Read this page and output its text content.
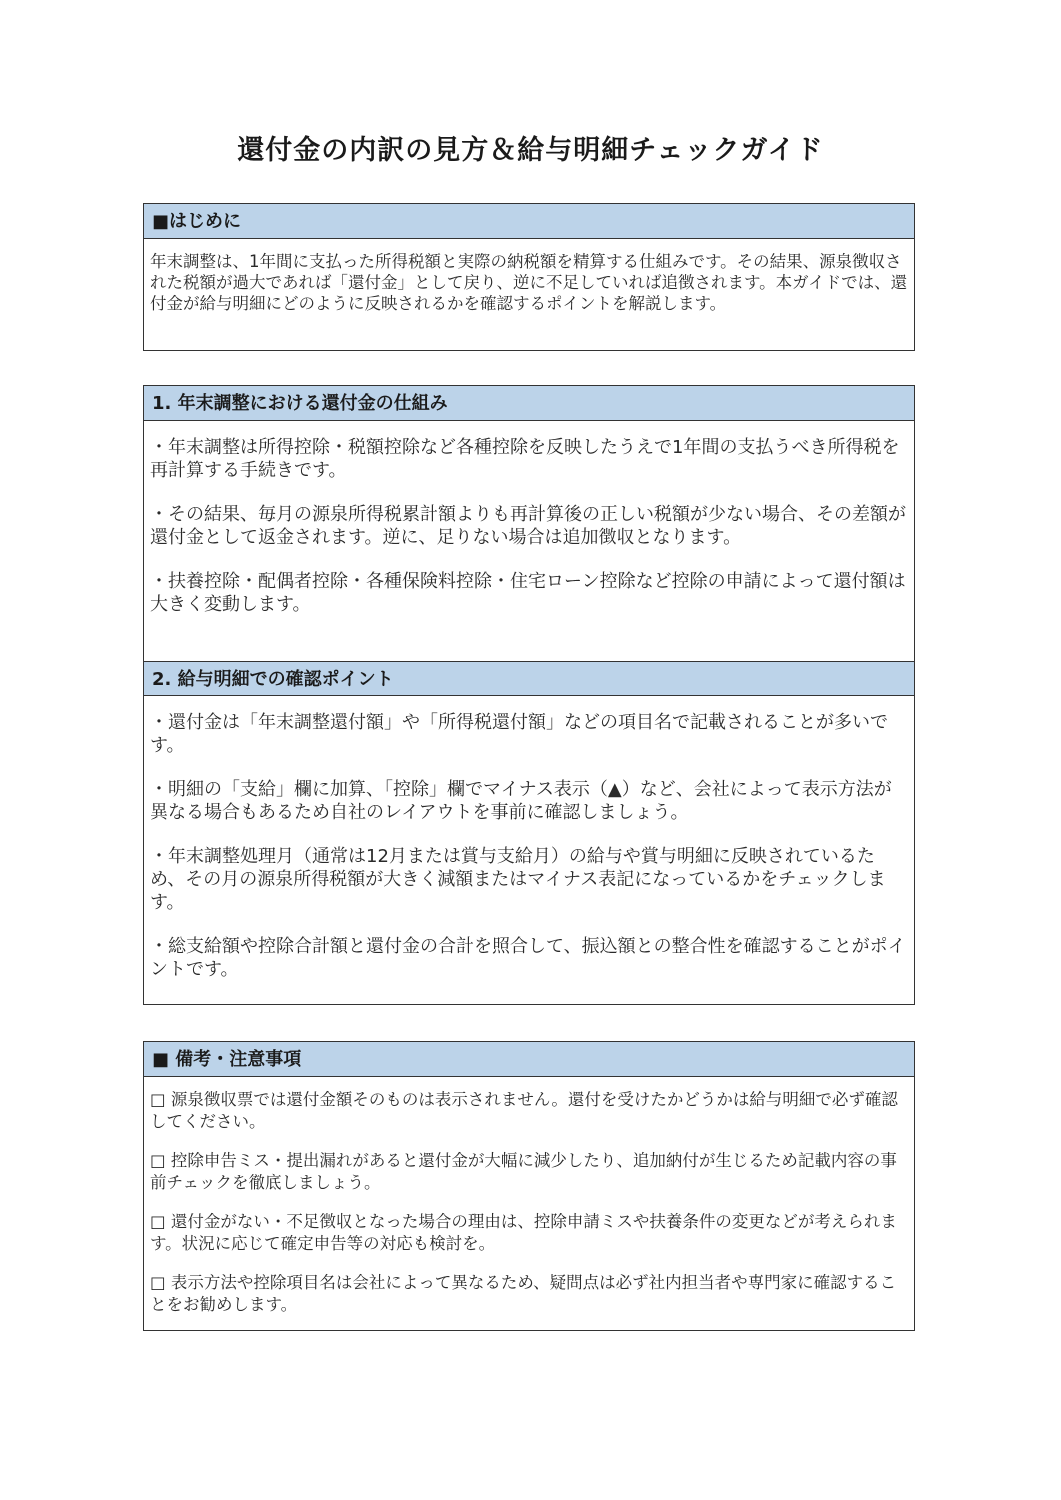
還付金の内訳の見方＆給与明細チェックガイド
■はじめに

年末調整は、1年間に支払った所得税額と実際の納税額を精算する仕組みです。その結果、源泉徴収された税額が過大であれば「還付金」として戻り、逆に不足していれば追徴されます。本ガイドでは、還付金が給与明細にどのように反映されるかを確認するポイントを解説します。

1. 年末調整における還付金の仕組み

・年末調整は所得控除・税額控除など各種控除を反映したうえで1年間の支払うべき所得税を再計算する手続きです。

・その結果、毎月の源泉所得税累計額よりも再計算後の正しい税額が少ない場合、その差額が還付金として返金されます。逆に、足りない場合は追加徴収となります。

・扶養控除・配偶者控除・各種保険料控除・住宅ローン控除など控除の申請によって還付額は大きく変動します。

2. 給与明細での確認ポイント

・還付金は「年末調整還付額」や「所得税還付額」などの項目名で記載されることが多いです。

・明細の「支給」欄に加算、「控除」欄でマイナス表示（▲）など、会社によって表示方法が異なる場合もあるため自社のレイアウトを事前に確認しましょう。

・年末調整処理月（通常は12月または賞与支給月）の給与や賞与明細に反映されているため、その月の源泉所得税額が大きく減額またはマイナス表記になっているかをチェックします。

・総支給額や控除合計額と還付金の合計を照合して、振込額との整合性を確認することがポイントです。

■ 備考・注意事項

□ 源泉徴収票では還付金額そのものは表示されません。還付を受けたかどうかは給与明細で必ず確認してください。

□ 控除申告ミス・提出漏れがあると還付金が大幅に減少したり、追加納付が生じるため記載内容の事前チェックを徹底しましょう。

□ 還付金がない・不足徴収となった場合の理由は、控除申請ミスや扶養条件の変更などが考えられます。状況に応じて確定申告等の対応も検討を。

□ 表示方法や控除項目名は会社によって異なるため、疑問点は必ず社内担当者や専門家に確認することをお勧めします。
